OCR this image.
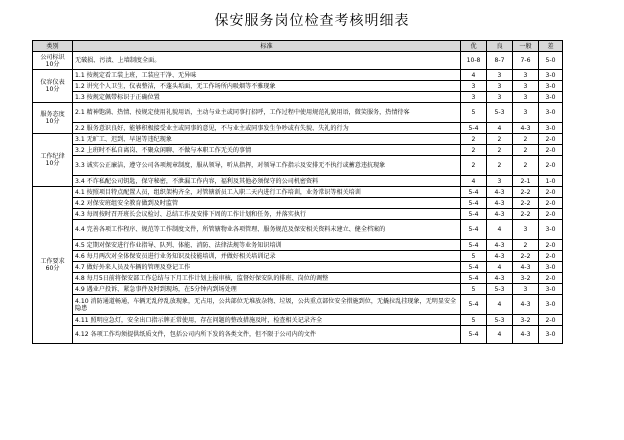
保安服务岗位检查考核明细表
类别	标准	优	良	一般	差
公司标识
10分	无破损、污渍、上墙制度全面。	10-8	8-7	7-6	5-0
仪容仪表
10分	1.1 按规定看工装上班，工装应干净、无异味	4	3	3	3-0
	1.2 讲究个人卫生，仪表整洁，不蓬头垢面，无工作场所内吸烟等不雅现象	3	3	3	3-0
	1.3 按规定佩带标识于正确位置	3	3	3	3-0
服务态度
10分	2.1 精神饱满、热情、按规定使用礼貌用语，主动与业主或同事打招呼，工作过程中使用规范礼貌用语，微笑服务，热情待客	5	5-3	3	3-0
	2.2 服务意识良好，能够积极接受业主或同事的意见，不与业主或同事发生争吵或有失貌、失礼的行为	5-4	4	4-3	3-0
工作纪律
10分	3.1 无旷工、迟到、早退等违纪现象	2	2	2	2-0
	3.2 上班时不私自离岗、不聚众闲聊、不做与本职工作无关的事情	2	2	2	2-0
	3.3 诚实公正廉洁，遵守公司各项规章制度，服从领导，听从指挥，对领导工作指示及安排无不执行或蓄意违抗现象	2	2	2	2-0
	3.4 不诈私配公司钥匙，保守秘密，不泄漏工作内容，福利及其他必须保守的公司机密资料	4	3	2-1	1-0
工作要求
60分	4.1 按照项目特点配置人员，组织架构齐全，对管辖新员工入职二天内进行工作培训，业务常识等相关培训	5-4	4-3	2-2	2-0
	4.2 对保安班组安全教育做到及时监管	5-4	4-3	2-2	2-0
	4.3 每周按时召开班长会议检讨、总结工作及安排下周的工作计划和任务，并落实执行	5-4	4-3	2-2	2-0
	4.4 完善各项工作程序、规范等工作制度文件，所管辖物业各项管理、服务规范及保安相关资料未建立、健全档案的	5-4	4	3	3-0
	4.5 定期对保安进行作业指导、队列、体能、消防、法律法规等业务知识培训	5-4	4-3	2	2-0
	4.6 每月两次对全体保安员进行业务知识及技能培训，并做好相关培训记录	5	4-3	2-2	2-0
	4.7 做好外来人员及车辆的管理及登记工作	5-4	4	4-3	3-0
	4.8 每月5日前将保安部工作总结与下月工作计划上报审核，监督好保安队的排班、岗位的调整	5-4	4-3	3-2	2-0
	4.9 遇业户投诉、紧急事件及时到现场，在5分钟内到场处理	5	5-3	3	3-0
	4.10 消防通道畅通，车辆无乱停乱放现象，无占用，公共部位无堆放杂物、垃圾，公共重点部位安全措施到位，无撬拉乱挂现象，无明显安全隐患	5-4	4	4-3	3-0
	4.11 照明应急灯，安全出口指示牌正常使用，存在问题的整改措施及时，检查相关记录齐全	5	5-3	3-2	2-0
	4.12 各项工作均须提供纸质文件，包括公司内所下发的各类文件，但不限于公司内的文件	5-4	4	4-3	3-0
